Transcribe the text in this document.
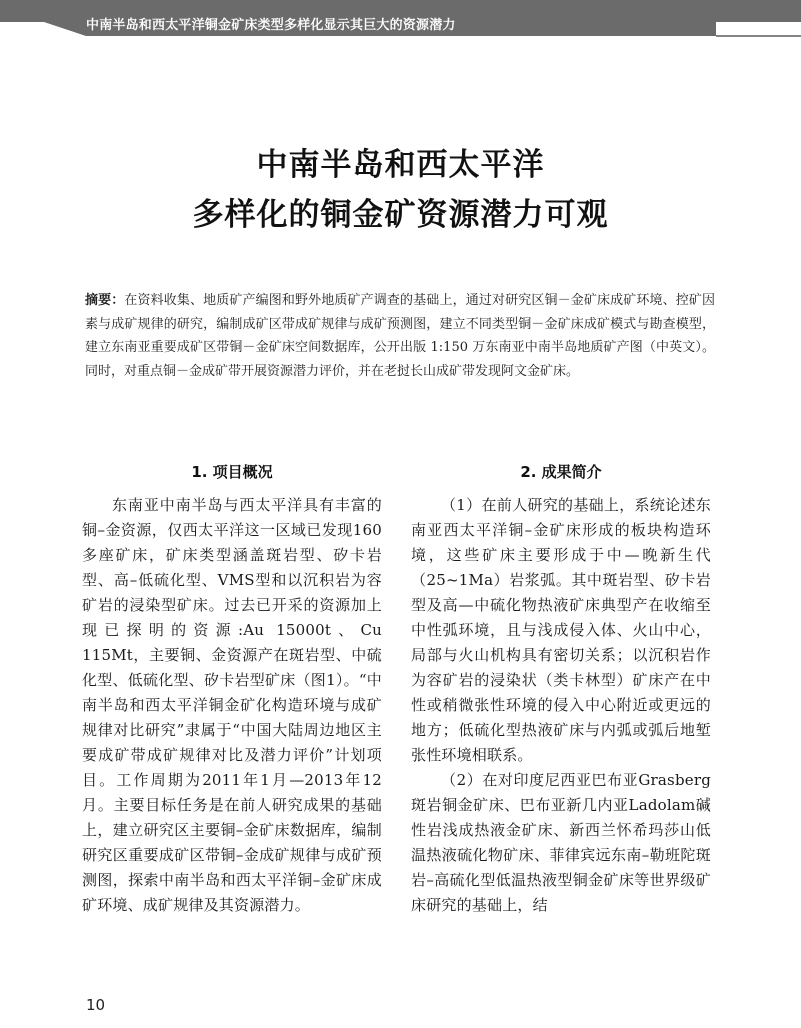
中南半岛和西太平洋铜金矿床类型多样化显示其巨大的资源潜力
中南半岛和西太平洋
多样化的铜金矿资源潜力可观
摘要：在资料收集、地质矿产编图和野外地质矿产调查的基础上，通过对研究区铜－金矿床成矿环境、控矿因素与成矿规律的研究，编制成矿区带成矿规律与成矿预测图，建立不同类型铜－金矿床成矿模式与勘查模型，建立东南亚重要成矿区带铜－金矿床空间数据库，公开出版 1:150 万东南亚中南半岛地质矿产图（中英文）。同时，对重点铜－金成矿带开展资源潜力评价，并在老挝长山成矿带发现阿文金矿床。
1. 项目概况

东南亚中南半岛与西太平洋具有丰富的铜–金资源，仅西太平洋这一区域已发现160多座矿床，矿床类型涵盖斑岩型、矽卡岩型、高–低硫化型、VMS型和以沉积岩为容矿岩的浸染型矿床。过去已开采的资源加上现已探明的资源:Au 15000t、Cu 115Mt，主要铜、金资源产在斑岩型、中硫化型、低硫化型、矽卡岩型矿床（图1）。“中南半岛和西太平洋铜金矿化构造环境与成矿规律对比研究”隶属于“中国大陆周边地区主要成矿带成矿规律对比及潜力评价”计划项目。工作周期为2011年1月—2013年12月。主要目标任务是在前人研究成果的基础上，建立研究区主要铜–金矿床数据库，编制研究区重要成矿区带铜–金成矿规律与成矿预测图，探索中南半岛和西太平洋铜–金矿床成矿环境、成矿规律及其资源潜力。

2. 成果简介

（1）在前人研究的基础上，系统论述东南亚西太平洋铜–金矿床形成的板块构造环境，这些矿床主要形成于中—晚新生代（25~1Ma）岩浆弧。其中斑岩型、矽卡岩型及高—中硫化物热液矿床典型产在收缩至中性弧环境，且与浅成侵入体、火山中心，局部与火山机构具有密切关系；以沉积岩作为容矿岩的浸染状（类卡林型）矿床产在中性或稍微张性环境的侵入中心附近或更远的地方；低硫化型热液矿床与内弧或弧后地堑张性环境相联系。

（2）在对印度尼西亚巴布亚Grasberg斑岩铜金矿床、巴布亚新几内亚Ladolam碱性岩浅成热液金矿床、新西兰怀希玛莎山低温热液硫化物矿床、菲律宾远东南–勒班陀斑岩–高硫化型低温热液型铜金矿床等世界级矿床研究的基础上，结

10
